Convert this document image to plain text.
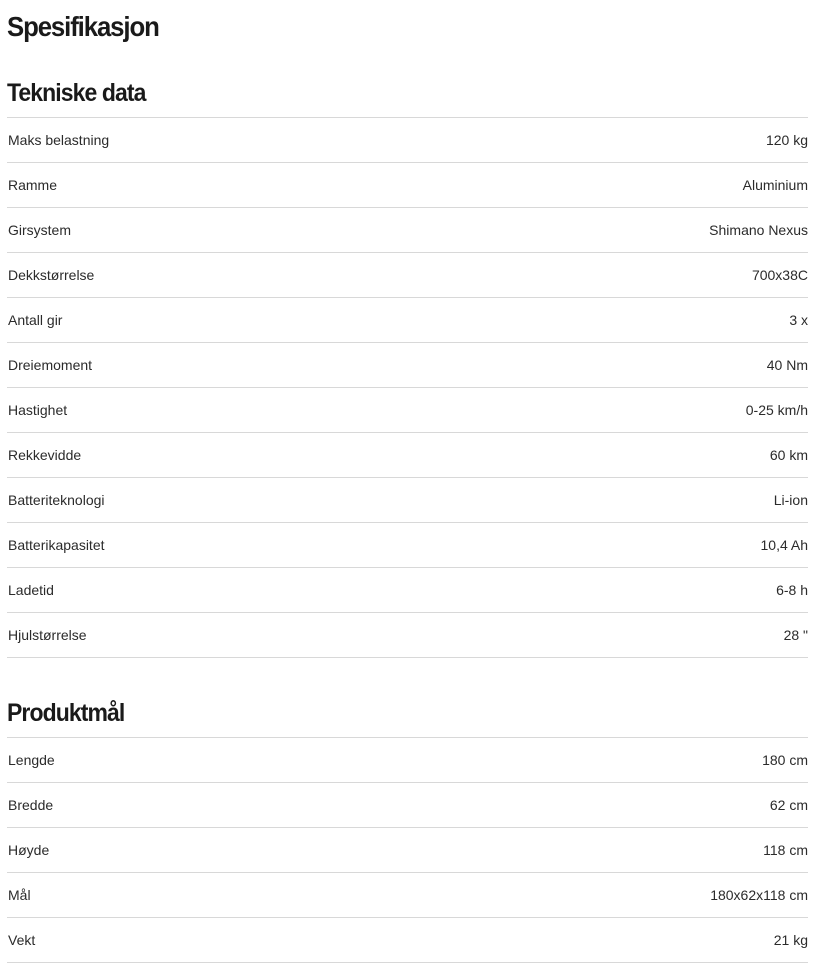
Spesifikasjon
Tekniske data
Maks belastning	120 kg
Ramme	Aluminium
Girsystem	Shimano Nexus
Dekkstørrelse	700x38C
Antall gir	3 x
Dreiemoment	40 Nm
Hastighet	0-25 km/h
Rekkevidde	60 km
Batteriteknologi	Li-ion
Batterikapasitet	10,4 Ah
Ladetid	6-8 h
Hjulstørrelse	28 "
Produktmål
Lengde	180 cm
Bredde	62 cm
Høyde	118 cm
Mål	180x62x118 cm
Vekt	21 kg
